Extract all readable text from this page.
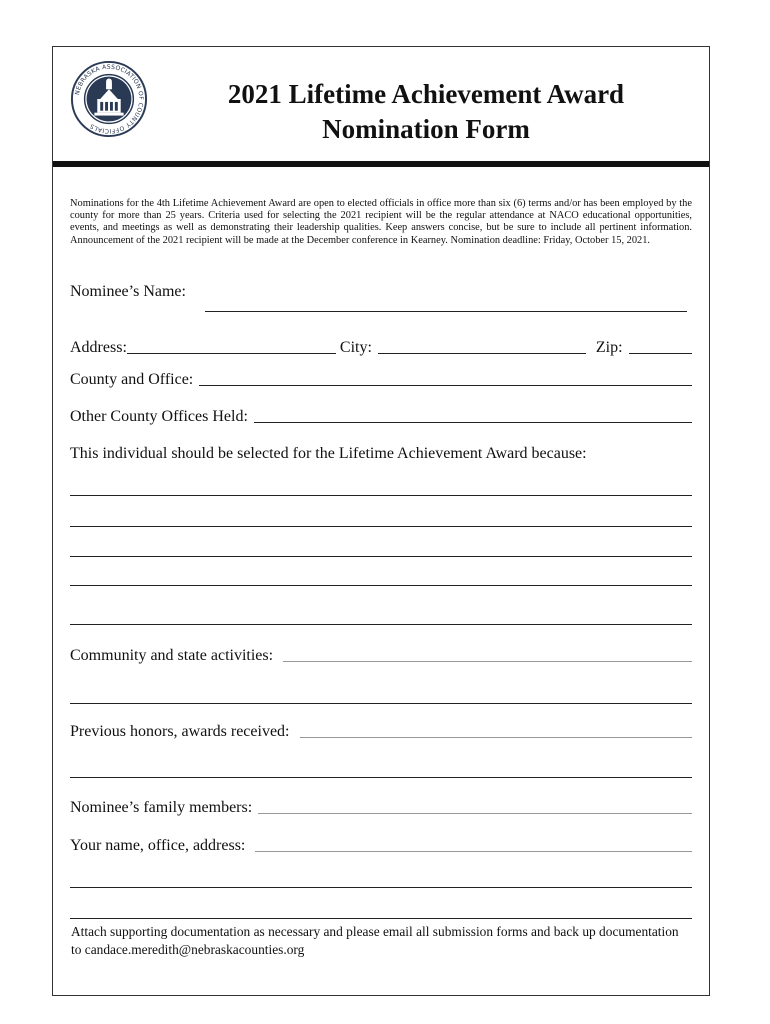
NEBRASKA ASSOCIATION OF COUNTY OFFICIALS
2021 Lifetime Achievement Award
Nomination Form
Nominations for the 4th Lifetime Achievement Award are open to elected officials in office more than six (6) terms and/or has been employed by the county for more than 25 years. Criteria used for selecting the 2021 recipient will be the regular attendance at NACO educational opportunities, events, and meetings as well as demonstrating their leadership qualities. Keep answers concise, but be sure to include all pertinent information. Announcement of the 2021 recipient will be made at the December conference in Kearney. Nomination deadline: Friday, October 15, 2021.
Nominee’s Name:
Address:	City:	Zip:
County and Office:
Other County Offices Held:
This individual should be selected for the Lifetime Achievement Award because:
Community and state activities:
Previous honors, awards received:
Nominee’s family members:
Your name, office, address:
Attach supporting documentation as necessary and please email all submission forms and back up documentation to candace.meredith@nebraskacounties.org
